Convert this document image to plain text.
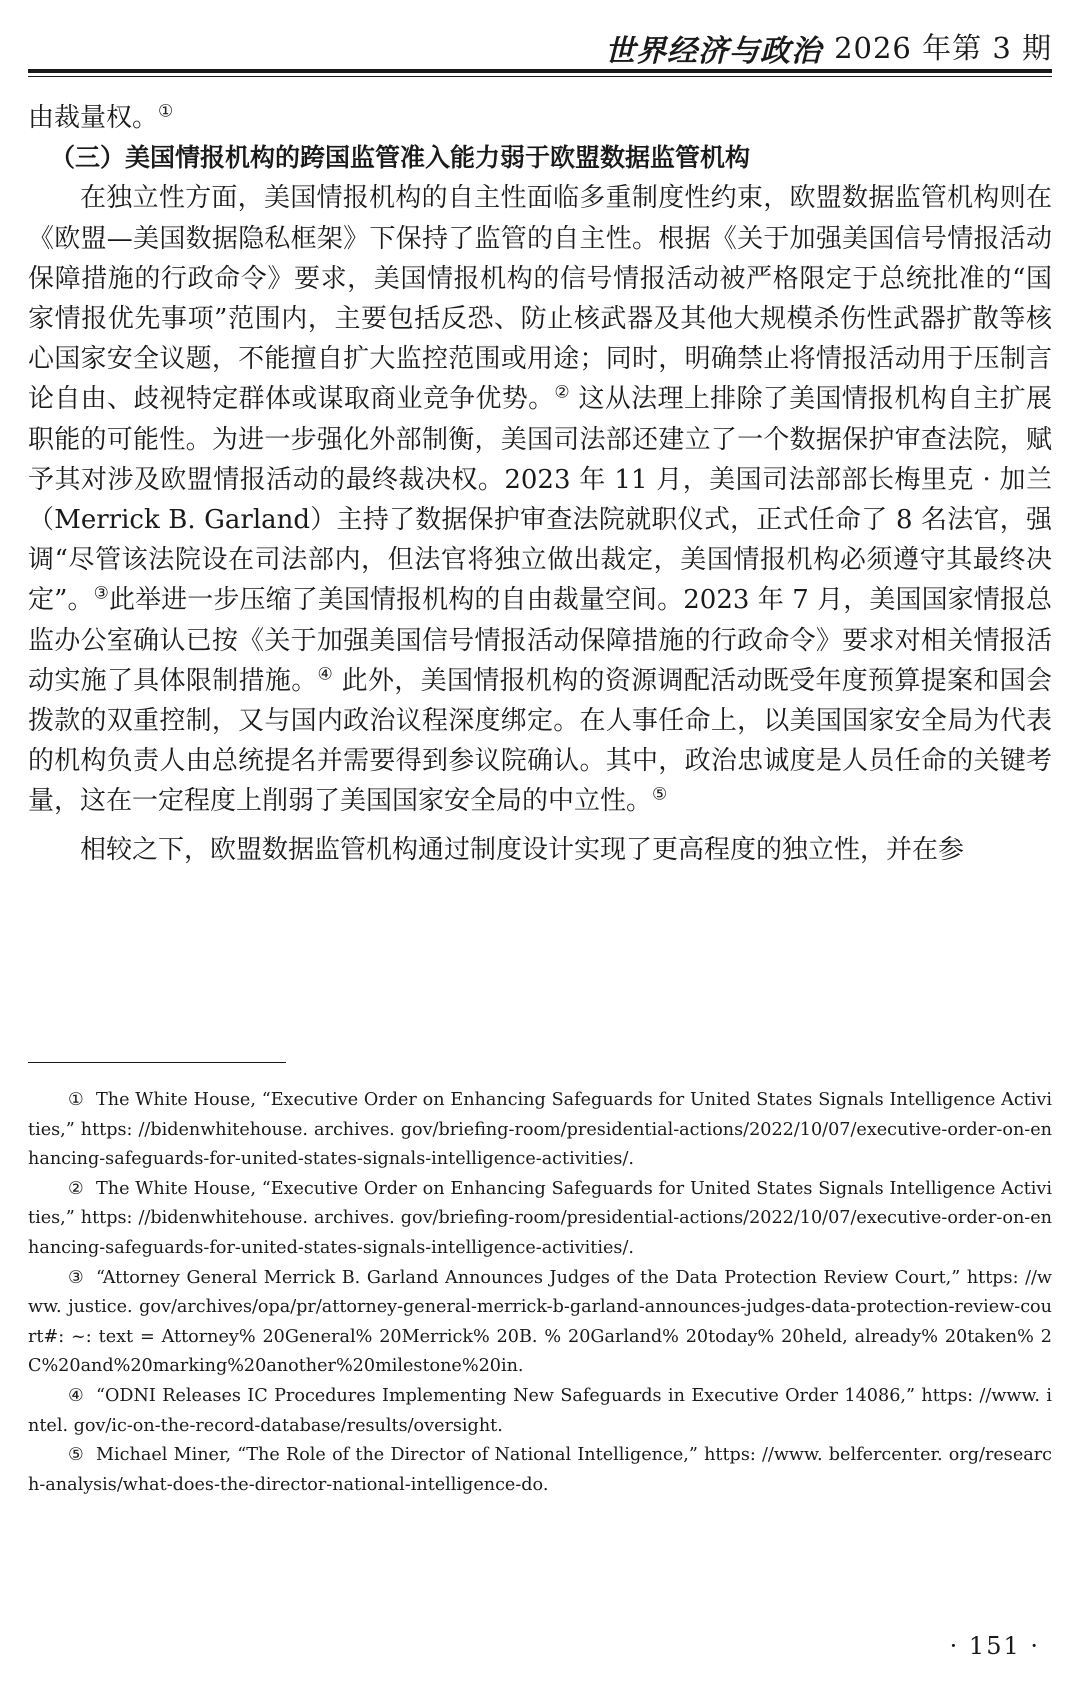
世界经济与政治 2026 年第 3 期

由裁量权。①

（三）美国情报机构的跨国监管准入能力弱于欧盟数据监管机构

在独立性方面，美国情报机构的自主性面临多重制度性约束，欧盟数据监管机构则在《欧盟—美国数据隐私框架》下保持了监管的自主性。根据《关于加强美国信号情报活动保障措施的行政命令》要求，美国情报机构的信号情报活动被严格限定于总统批准的“国家情报优先事项”范围内，主要包括反恐、防止核武器及其他大规模杀伤性武器扩散等核心国家安全议题，不能擅自扩大监控范围或用途；同时，明确禁止将情报活动用于压制言论自由、歧视特定群体或谋取商业竞争优势。② 这从法理上排除了美国情报机构自主扩展职能的可能性。为进一步强化外部制衡，美国司法部还建立了一个数据保护审查法院，赋予其对涉及欧盟情报活动的最终裁决权。2023 年 11 月，美国司法部部长梅里克 · 加兰（Merrick B. Garland）主持了数据保护审查法院就职仪式，正式任命了 8 名法官，强调“尽管该法院设在司法部内，但法官将独立做出裁定，美国情报机构必须遵守其最终决定”。③此举进一步压缩了美国情报机构的自由裁量空间。2023 年 7 月，美国国家情报总监办公室确认已按《关于加强美国信号情报活动保障措施的行政命令》要求对相关情报活动实施了具体限制措施。④ 此外，美国情报机构的资源调配活动既受年度预算提案和国会拨款的双重控制，又与国内政治议程深度绑定。在人事任命上，以美国国家安全局为代表的机构负责人由总统提名并需要得到参议院确认。其中，政治忠诚度是人员任命的关键考量，这在一定程度上削弱了美国国家安全局的中立性。⑤

相较之下，欧盟数据监管机构通过制度设计实现了更高程度的独立性，并在参

① The White House, “Executive Order on Enhancing Safeguards for United States Signals Intelligence Activities,” https: //bidenwhitehouse. archives. gov/briefing-room/presidential-actions/2022/10/07/executive-order-on-enhancing-safeguards-for-united-states-signals-intelligence-activities/.

② The White House, “Executive Order on Enhancing Safeguards for United States Signals Intelligence Activities,” https: //bidenwhitehouse. archives. gov/briefing-room/presidential-actions/2022/10/07/executive-order-on-enhancing-safeguards-for-united-states-signals-intelligence-activities/.

③ “Attorney General Merrick B. Garland Announces Judges of the Data Protection Review Court,” https: //www. justice. gov/archives/opa/pr/attorney-general-merrick-b-garland-announces-judges-data-protection-review-court#: ~: text = Attorney% 20General% 20Merrick% 20B. % 20Garland% 20today% 20held, already% 20taken% 2C%20and%20marking%20another%20milestone%20in.

④ “ODNI Releases IC Procedures Implementing New Safeguards in Executive Order 14086,” https: //www. intel. gov/ic-on-the-record-database/results/oversight.

⑤ Michael Miner, “The Role of the Director of National Intelligence,” https: //www. belfercenter. org/research-analysis/what-does-the-director-national-intelligence-do.

· 151 ·
